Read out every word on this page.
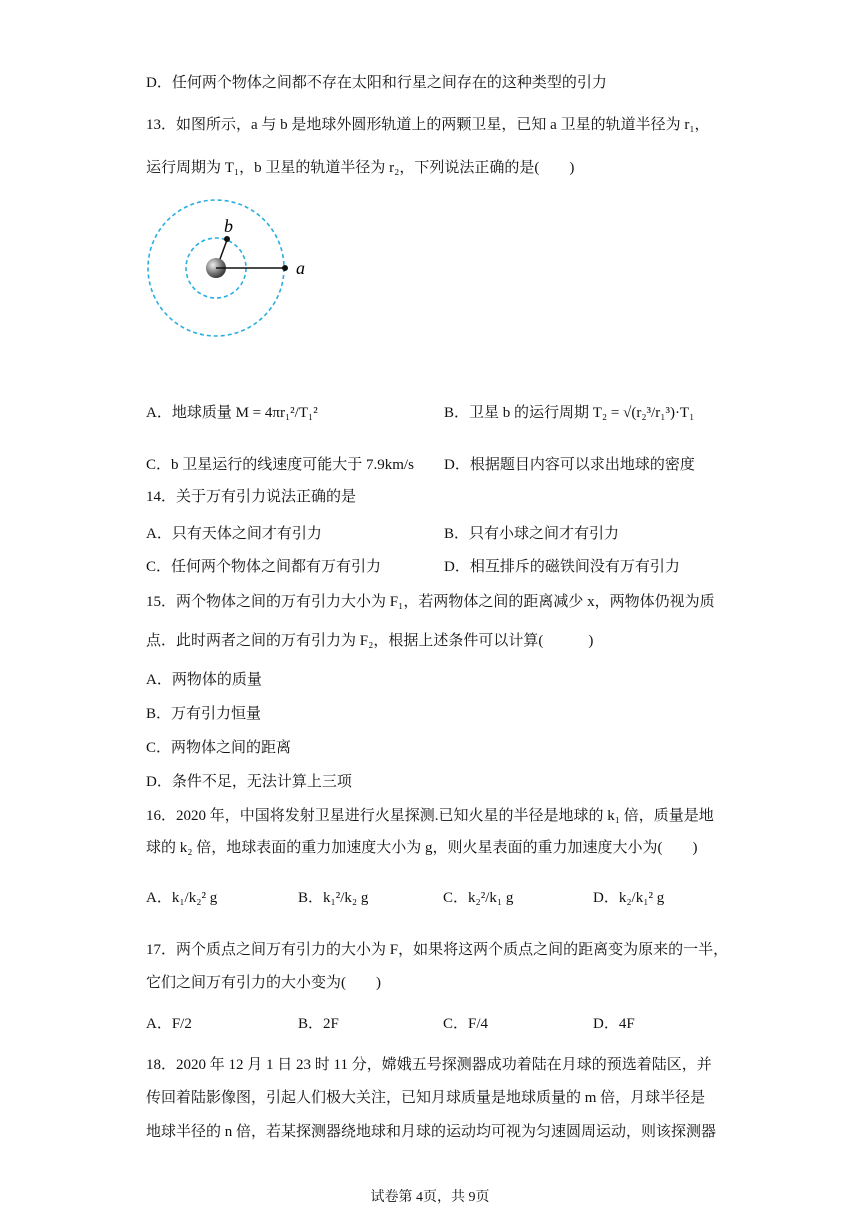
D．任何两个物体之间都不存在太阳和行星之间存在的这种类型的引力
13．如图所示，a 与 b 是地球外圆形轨道上的两颗卫星，已知 a 卫星的轨道半径为 r₁，
运行周期为 T₁，b 卫星的轨道半径为 r₂，下列说法正确的是(　　)
a
b
A．地球质量 M = 4πr₁²/T₁²	B．卫星 b 的运行周期 T₂ = √(r₂³/r₁³)·T₁
C．b 卫星运行的线速度可能大于 7.9km/s D．根据题目内容可以求出地球的密度
14．关于万有引力说法正确的是
A．只有天体之间才有引力	B．只有小球之间才有引力
C．任何两个物体之间都有万有引力	D．相互排斥的磁铁间没有万有引力
15．两个物体之间的万有引力大小为 F₁，若两物体之间的距离减少 x，两物体仍视为质
点．此时两者之间的万有引力为 F₂，根据上述条件可以计算(　　　)
A．两物体的质量
B．万有引力恒量
C．两物体之间的距离
D．条件不足，无法计算上三项
16．2020 年，中国将发射卫星进行火星探测.已知火星的半径是地球的 k₁ 倍，质量是地
球的 k₂ 倍，地球表面的重力加速度大小为 g，则火星表面的重力加速度大小为(　　)
A．k₁/k₂² g	B．k₁²/k₂ g	C．k₂²/k₁ g	D．k₂/k₁² g
17．两个质点之间万有引力的大小为 F，如果将这两个质点之间的距离变为原来的一半，
它们之间万有引力的大小变为(　　)
A．F/2	B．2F	C．F/4	D．4F
18．2020 年 12 月 1 日 23 时 11 分，嫦娥五号探测器成功着陆在月球的预选着陆区，并
传回着陆影像图，引起人们极大关注，已知月球质量是地球质量的 m 倍，月球半径是
地球半径的 n 倍，若某探测器绕地球和月球的运动均可视为匀速圆周运动，则该探测器
试卷第 4页，共 9页
